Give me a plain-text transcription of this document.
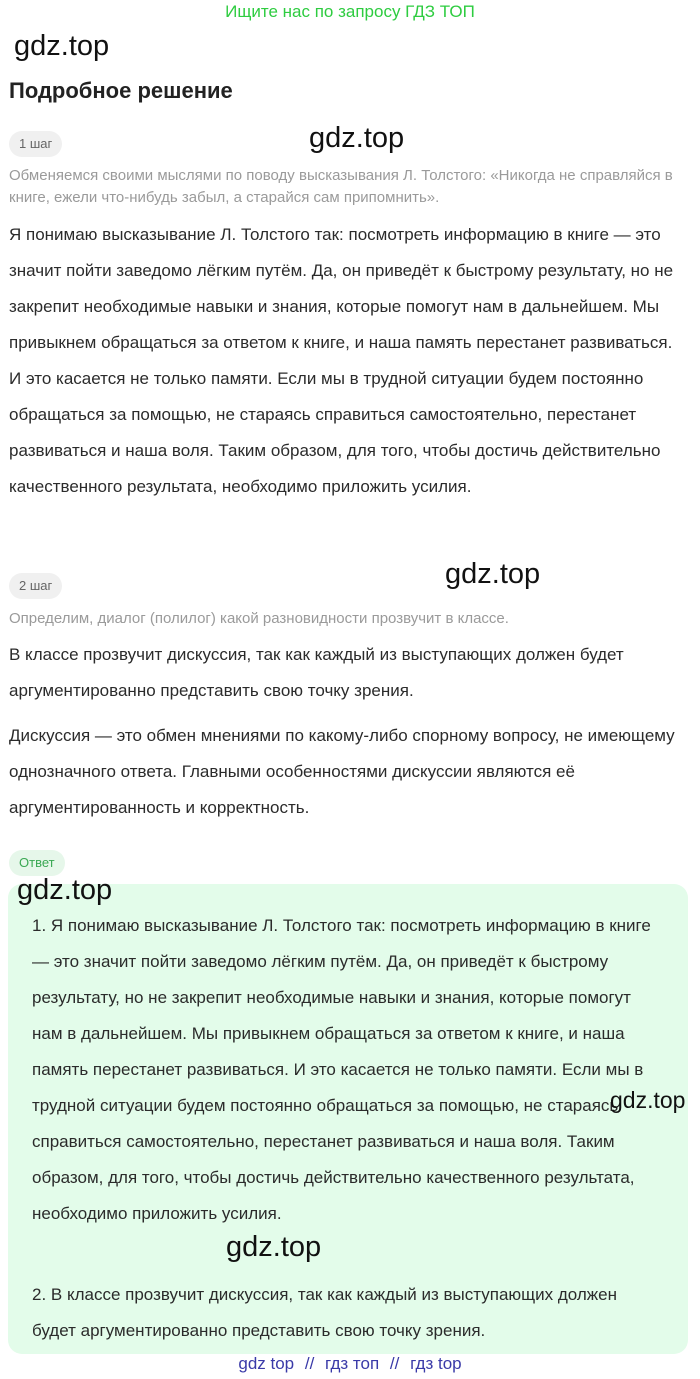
Ищите нас по запросу ГДЗ ТОП
gdz.top
Подробное решение
1 шаг	gdz.top
Обменяемся своими мыслями по поводу высказывания Л. Толстого: «Никогда не справляйся в книге, ежели что-нибудь забыл, а старайся сам припомнить».
Я понимаю высказывание Л. Толстого так: посмотреть информацию в книге — это значит пойти заведомо лёгким путём. Да, он приведёт к быстрому результату, но не закрепит необходимые навыки и знания, которые помогут нам в дальнейшем. Мы привыкнем обращаться за ответом к книге, и наша память перестанет развиваться. И это касается не только памяти. Если мы в трудной ситуации будем постоянно обращаться за помощью, не стараясь справиться самостоятельно, перестанет развиваться и наша воля. Таким образом, для того, чтобы достичь действительно качественного результата, необходимо приложить усилия.
2 шаг	gdz.top
Определим, диалог (полилог) какой разновидности прозвучит в классе.
В классе прозвучит дискуссия, так как каждый из выступающих должен будет аргументированно представить свою точку зрения.
Дискуссия — это обмен мнениями по какому-либо спорному вопросу, не имеющему однозначного ответа. Главными особенностями дискуссии являются её аргументированность и корректность.
Ответ
1. Я понимаю высказывание Л. Толстого так: посмотреть информацию в книге — это значит пойти заведомо лёгким путём. Да, он приведёт к быстрому результату, но не закрепит необходимые навыки и знания, которые помогут нам в дальнейшем. Мы привыкнем обращаться за ответом к книге, и наша память перестанет развиваться. И это касается не только памяти. Если мы в трудной ситуации будем постоянно обращаться за помощью, не стараясь справиться самостоятельно, перестанет развиваться и наша воля. Таким образом, для того, чтобы достичь действительно качественного результата, необходимо приложить усилия.
2. В классе прозвучит дискуссия, так как каждый из выступающих должен будет аргументированно представить свою точку зрения.
gdz.top
gdz.top
gdz.top
gdz top // гдз топ // гдз top
